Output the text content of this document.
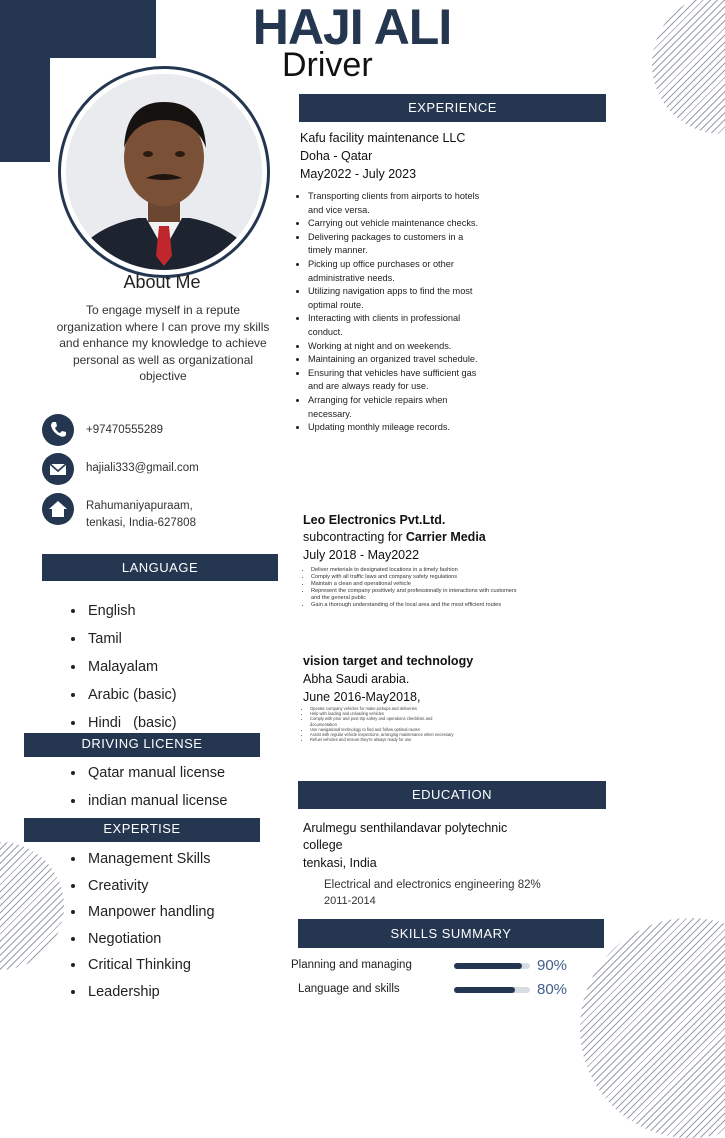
HAJI ALI
Driver
About Me
To engage myself in a repute organization where I can prove my skills and enhance my knowledge to achieve personal as well as organizational objective
+97470555289
hajiali333@gmail.com
Rahumaniyapuraam,
tenkasi, India-627808
LANGUAGE
• English
• Tamil
• Malayalam
• Arabic (basic)
• Hindi   (basic)
DRIVING LICENSE
• Qatar manual license
• indian manual license
EXPERTISE
• Management Skills
• Creativity
• Manpower handling
• Negotiation
• Critical Thinking
• Leadership
EXPERIENCE
Kafu facility maintenance LLC
Doha - Qatar
May2022 - July 2023
• Transporting clients from airports to hotels and vice versa.
• Carrying out vehicle maintenance checks.
• Delivering packages to customers in a timely manner.
• Picking up office purchases or other administrative needs.
• Utilizing navigation apps to find the most optimal route.
• Interacting with clients in professional conduct.
• Working at night and on weekends.
• Maintaining an organized travel schedule.
• Ensuring that vehicles have sufficient gas and are always ready for use.
• Arranging for vehicle repairs when necessary.
• Updating monthly mileage records.
Leo Electronics Pvt.Ltd.
subcontracting for Carrier Media
July 2018 - May2022
• Deliver meterials to designated locations in a timely fashion
• Comply with all traffic laws and company safety regulations
• Maintain a clean and operational vehicle
• Represent the company positively and professionally in interactions with customers and the general public
• Gain a thorough understanding of the local area and the most efficient routes
vision target and technology
Abha Saudi arabia.
June 2016-May2018,
• Operate company vehicles for make pickups and deliveries
• Help with loading and unloading vehicles
• Comply with prior and post trip safety and operations checklists and documentation
• Use navigational technology to find and follow optimal routes
• Assist with regular vehicle inspections, arranging maintenance when necessary
• Refuel vehicles and ensure they're always ready for use
EDUCATION
Arulmegu senthilandavar polytechnic
college
tenkasi, India
Electrical and electronics engineering 82%
2011-2014
SKILLS SUMMARY
Planning and managing	90%
Language and skills	80%
